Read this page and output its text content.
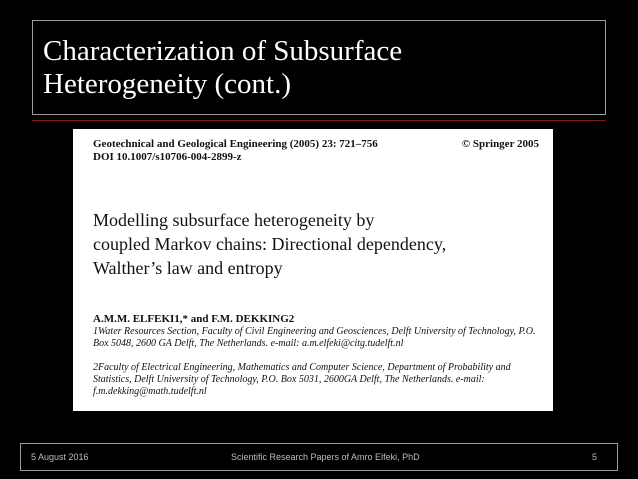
Characterization of Subsurface
Heterogeneity (cont.)
Geotechnical and Geological Engineering (2005) 23: 721–756	© Springer 2005
DOI 10.1007/s10706-004-2899-z
Modelling subsurface heterogeneity by
coupled Markov chains: Directional dependency,
Walther’s law and entropy
A.M.M. ELFEKI1,* and F.M. DEKKING2

1Water Resources Section, Faculty of Civil Engineering and Geosciences, Delft University of Technology, P.O. Box 5048, 2600 GA Delft, The Netherlands. e-mail: a.m.elfeki@citg.tudelft.nl

2Faculty of Electrical Engineering, Mathematics and Computer Science, Department of Probability and Statistics, Delft University of Technology, P.O. Box 5031, 2600GA Delft, The Netherlands. e-mail: f.m.dekking@math.tudelft.nl

5 August 2016	Scientific Research Papers of Amro Elfeki, PhD	5
